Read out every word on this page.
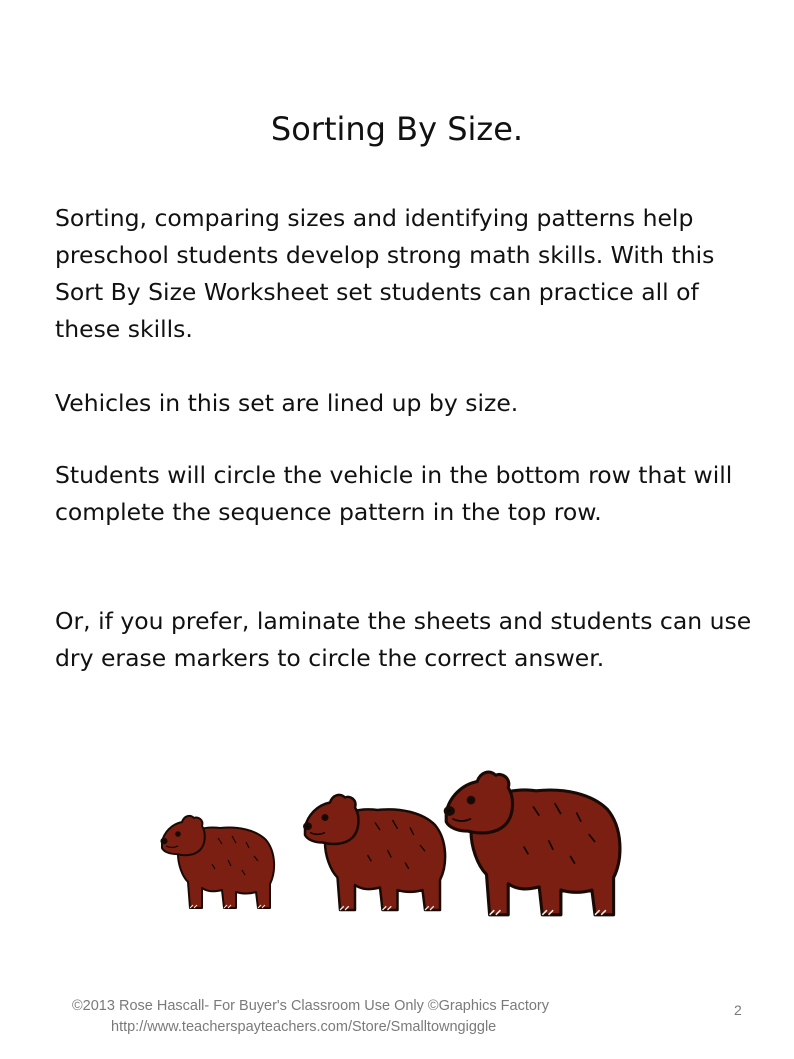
Sorting By Size.

Sorting, comparing sizes and identifying patterns help preschool students develop strong math skills. With this Sort By Size Worksheet set students can practice all of these skills.

Vehicles in this set are lined up by size.

Students will circle the vehicle in the bottom row that will complete the sequence pattern in the top row.

Or, if you prefer, laminate the sheets and students can use dry erase markers to circle the correct answer.

©2013 Rose Hascall- For Buyer's Classroom Use Only ©Graphics Factory
http://www.teacherspayteachers.com/Store/Smalltowngiggle
2
